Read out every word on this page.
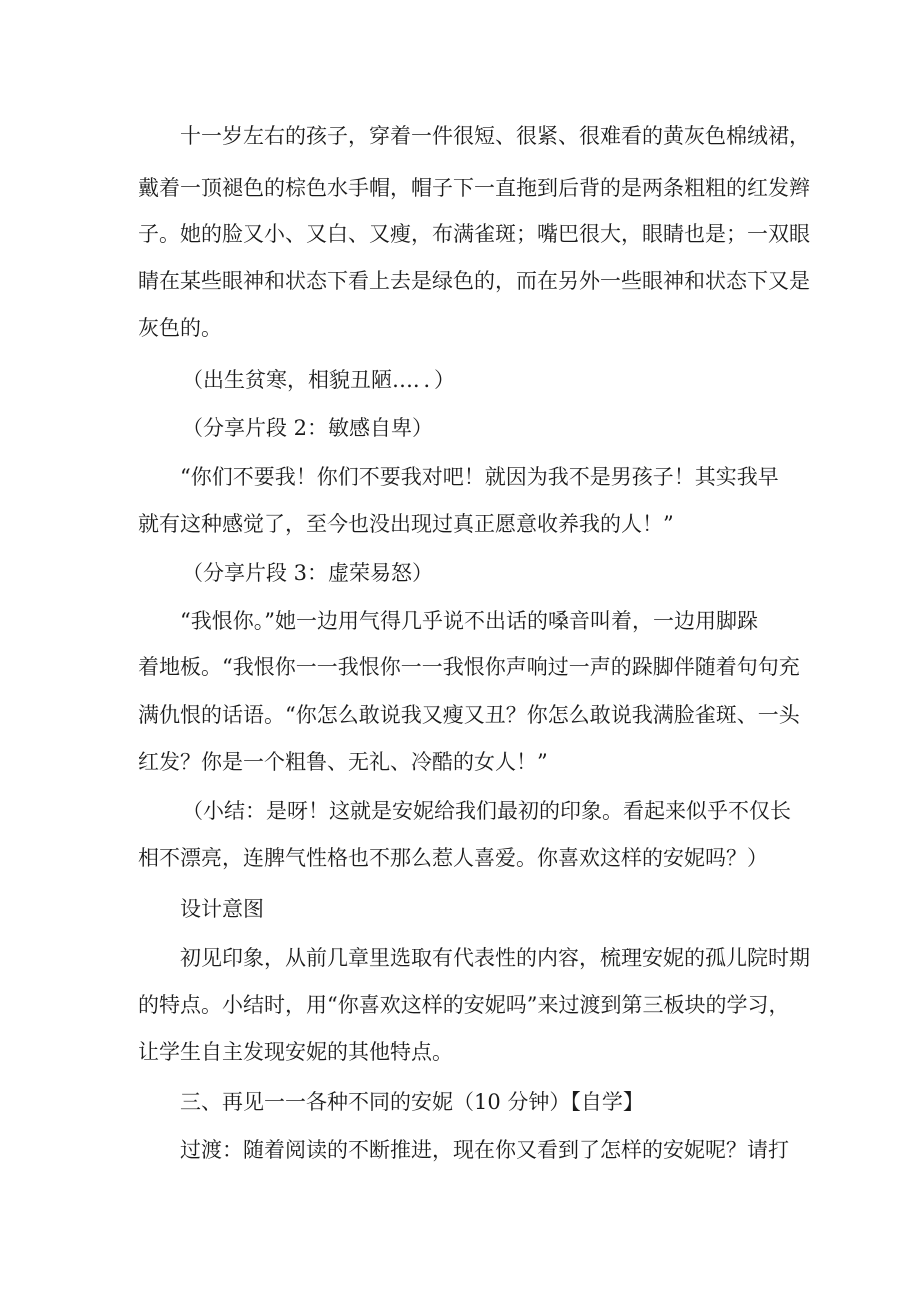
十一岁左右的孩子，穿着一件很短、很紧、很难看的黄灰色棉绒裙，
戴着一顶褪色的棕色水手帽，帽子下一直拖到后背的是两条粗粗的红发辫
子。她的脸又小、又白、又瘦，布满雀斑；嘴巴很大，眼睛也是；一双眼
睛在某些眼神和状态下看上去是绿色的，而在另外一些眼神和状态下又是
灰色的。
（出生贫寒，相貌丑陋…．．）
（分享片段 2：敏感自卑）
“你们不要我！你们不要我对吧！就因为我不是男孩子！其实我早
就有这种感觉了，至今也没出现过真正愿意收养我的人！”
（分享片段 3：虚荣易怒）
“我恨你。”她一边用气得几乎说不出话的嗓音叫着，一边用脚跺
着地板。“我恨你一一我恨你一一我恨你声响过一声的跺脚伴随着句句充
满仇恨的话语。“你怎么敢说我又瘦又丑？你怎么敢说我满脸雀斑、一头
红发？你是一个粗鲁、无礼、冷酷的女人！”
（小结：是呀！这就是安妮给我们最初的印象。看起来似乎不仅长
相不漂亮，连脾气性格也不那么惹人喜爱。你喜欢这样的安妮吗？）
设计意图
初见印象，从前几章里选取有代表性的内容，梳理安妮的孤儿院时期
的特点。小结时，用“你喜欢这样的安妮吗”来过渡到第三板块的学习，
让学生自主发现安妮的其他特点。
三、再见一一各种不同的安妮（10 分钟）【自学】
过渡：随着阅读的不断推进，现在你又看到了怎样的安妮呢？请打
